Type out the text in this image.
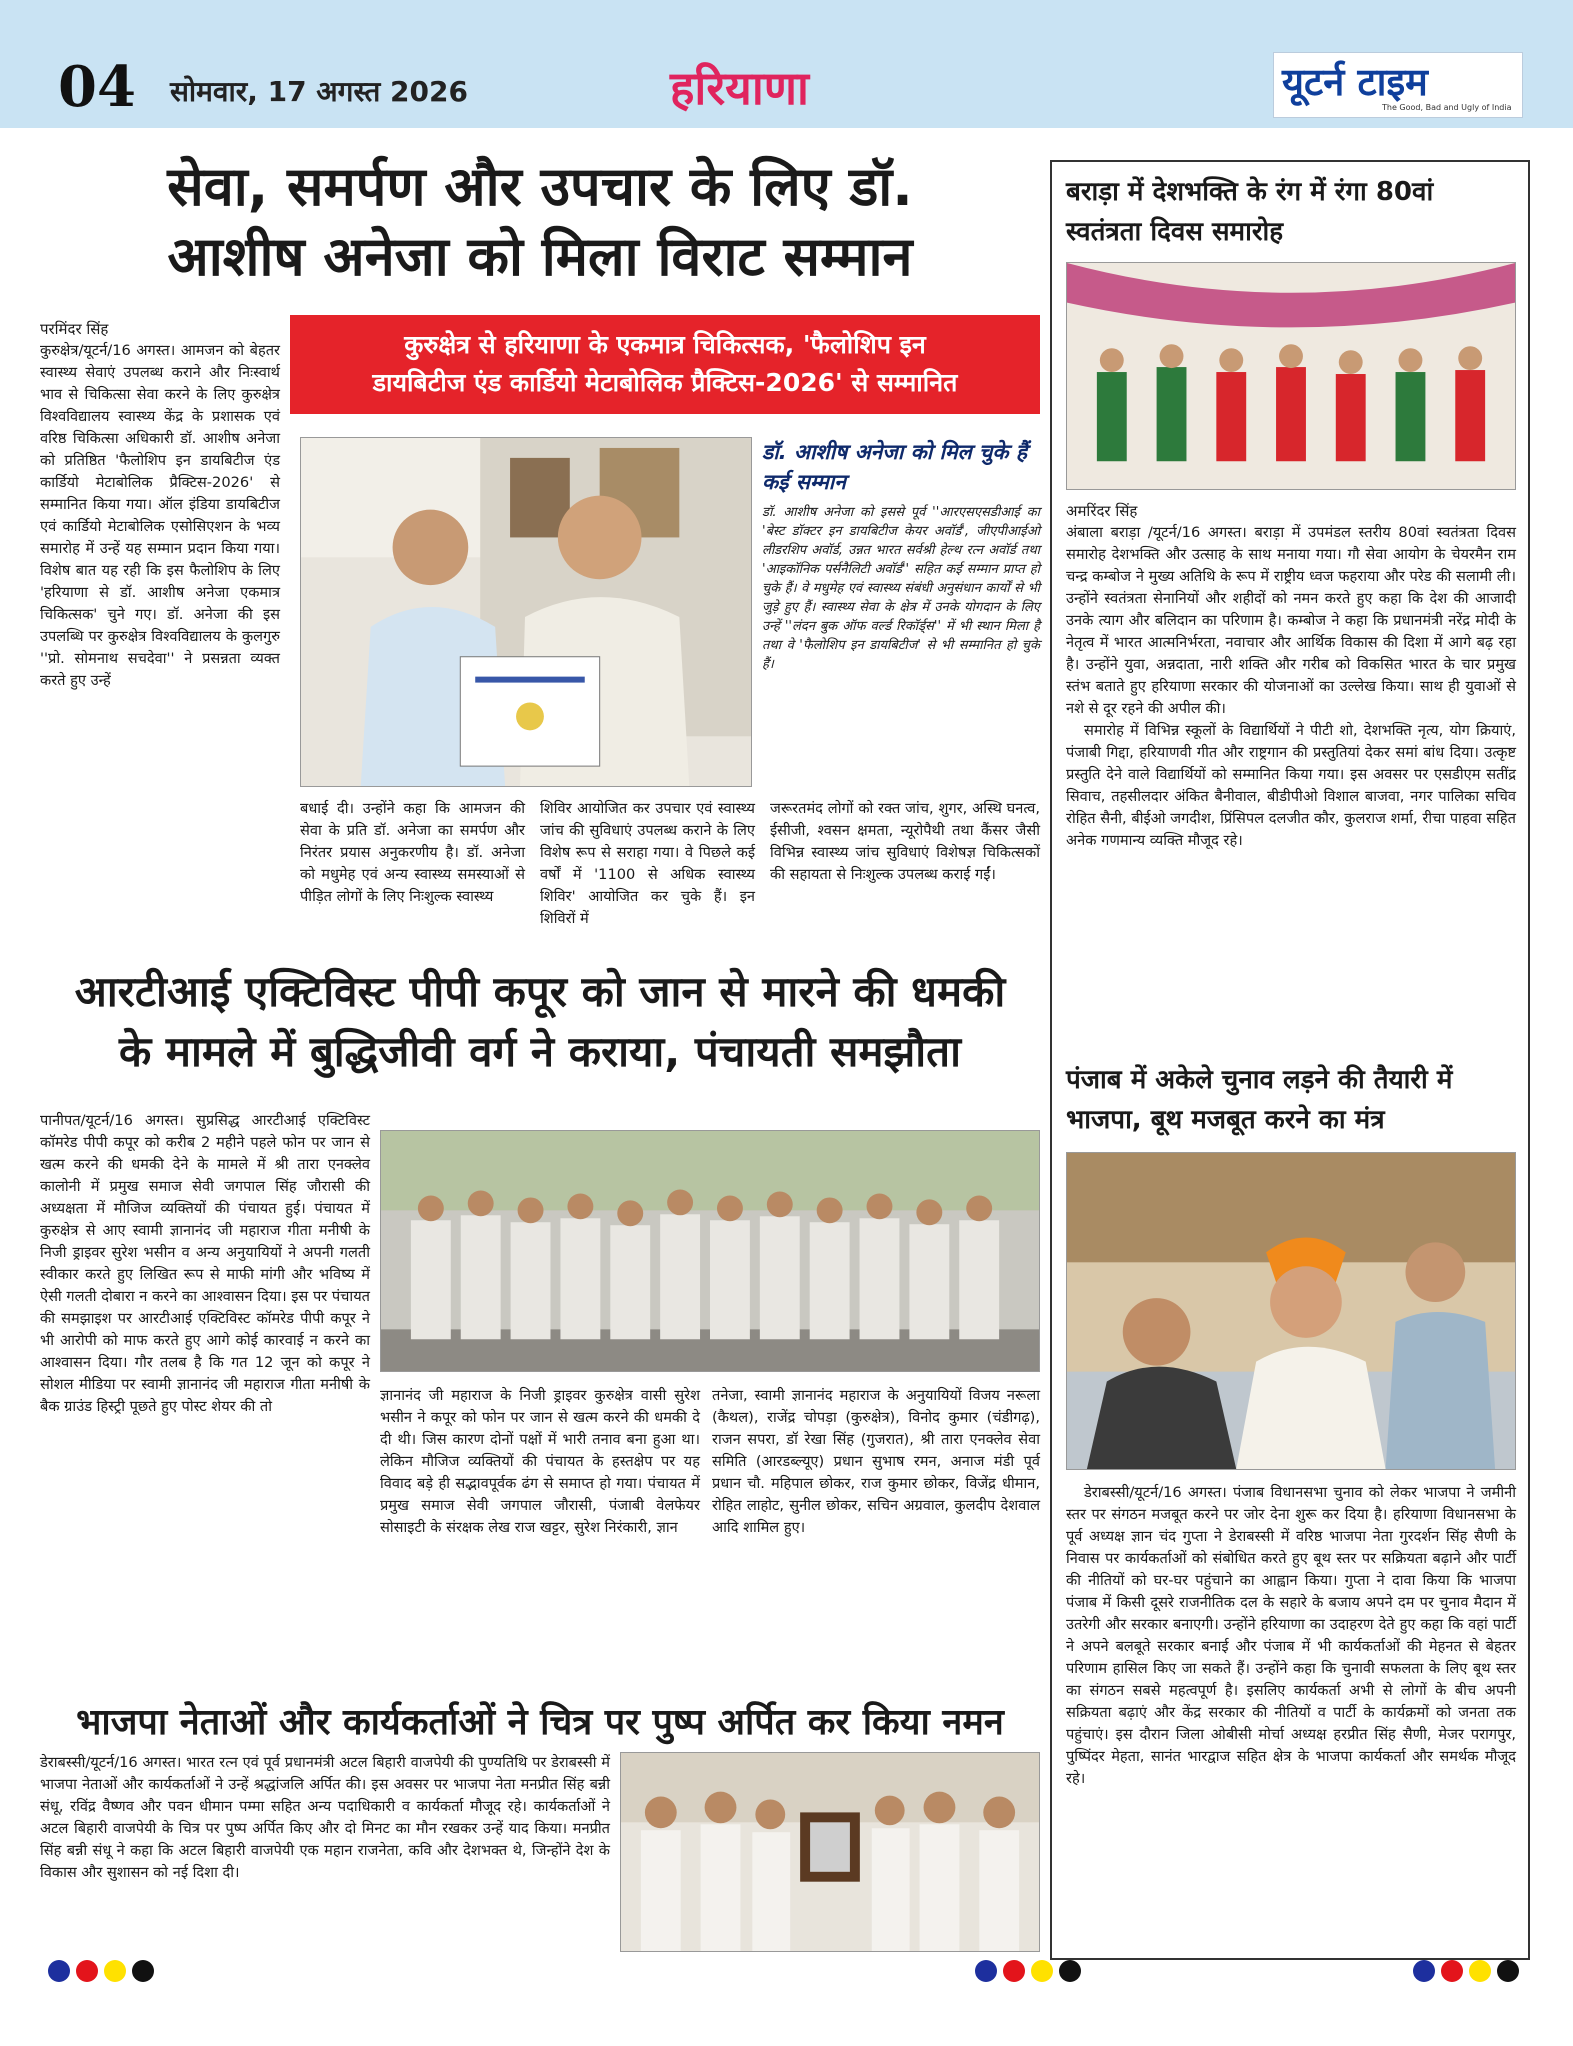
04 सोमवार, 17 अगस्त 2026	हरियाणा	यूटर्न टाइम
The Good, Bad and Ugly of India
सेवा, समर्पण और उपचार के लिए डॉ.
आशीष अनेजा को मिला विराट सम्मान
कुरुक्षेत्र से हरियाणा के एकमात्र चिकित्सक, 'फैलोशिप इन
डायबिटीज एंड कार्डियो मेटाबोलिक प्रैक्टिस-2026' से सम्मानित
परमिंदर सिंह
कुरुक्षेत्र/यूटर्न/16 अगस्त। आमजन को बेहतर स्वास्थ्य सेवाएं उपलब्ध कराने और निःस्वार्थ भाव से चिकित्सा सेवा करने के लिए कुरुक्षेत्र विश्वविद्यालय स्वास्थ्य केंद्र के प्रशासक एवं वरिष्ठ चिकित्सा अधिकारी डॉ. आशीष अनेजा को प्रतिष्ठित 'फैलोशिप इन डायबिटीज एंड कार्डियो मेटाबोलिक प्रैक्टिस-2026' से सम्मानित किया गया। ऑल इंडिया डायबिटीज एवं कार्डियो मेटाबोलिक एसोसिएशन के भव्य समारोह में उन्हें यह सम्मान प्रदान किया गया। विशेष बात यह रही कि इस फैलोशिप के लिए 'हरियाणा से डॉ. आशीष अनेजा एकमात्र चिकित्सक' चुने गए। डॉ. अनेजा की इस उपलब्धि पर कुरुक्षेत्र विश्वविद्यालय के कुलगुरु ''प्रो. सोमनाथ सचदेवा'' ने प्रसन्नता व्यक्त करते हुए उन्हें
डॉ. आशीष अनेजा को मिल चुके हैं कई सम्मान
डॉ. आशीष अनेजा को इससे पूर्व ''आरएसएसडीआई का 'बेस्ट डॉक्टर इन डायबिटीज केयर अवॉर्ड', जीएपीआईओ लीडरशिप अवॉर्ड, उन्नत भारत सर्वश्री हेल्थ रत्न अवॉर्ड तथा 'आइकॉनिक पर्सनैलिटी अवॉर्ड'' सहित कई सम्मान प्राप्त हो चुके हैं। वे मधुमेह एवं स्वास्थ्य संबंधी अनुसंधान कार्यों से भी जुड़े हुए हैं। स्वास्थ्य सेवा के क्षेत्र में उनके योगदान के लिए उन्हें ''लंदन बुक ऑफ वर्ल्ड रिकॉर्ड्स'' में भी स्थान मिला है तथा वे 'फैलोशिप इन डायबिटीज' से भी सम्मानित हो चुके हैं।
बधाई दी। उन्होंने कहा कि आमजन की सेवा के प्रति डॉ. अनेजा का समर्पण और निरंतर प्रयास अनुकरणीय है। डॉ. अनेजा को मधुमेह एवं अन्य स्वास्थ्य समस्याओं से पीड़ित लोगों के लिए निःशुल्क स्वास्थ्य
शिविर आयोजित कर उपचार एवं स्वास्थ्य जांच की सुविधाएं उपलब्ध कराने के लिए विशेष रूप से सराहा गया। वे पिछले कई वर्षों में '1100 से अधिक स्वास्थ्य शिविर' आयोजित कर चुके हैं। इन शिविरों में
जरूरतमंद लोगों को रक्त जांच, शुगर, अस्थि घनत्व, ईसीजी, श्वसन क्षमता, न्यूरोपैथी तथा कैंसर जैसी विभिन्न स्वास्थ्य जांच सुविधाएं विशेषज्ञ चिकित्सकों की सहायता से निःशुल्क उपलब्ध कराई गईं।
आरटीआई एक्टिविस्ट पीपी कपूर को जान से मारने की धमकी
के मामले में बुद्धिजीवी वर्ग ने कराया, पंचायती समझौता
पानीपत/यूटर्न/16 अगस्त। सुप्रसिद्ध आरटीआई एक्टिविस्ट कॉमरेड पीपी कपूर को करीब 2 महीने पहले फोन पर जान से खत्म करने की धमकी देने के मामले में श्री तारा एनक्लेव कालोनी में प्रमुख समाज सेवी जगपाल सिंह जौरासी की अध्यक्षता में मौजिज व्यक्तियों की पंचायत हुई। पंचायत में कुरुक्षेत्र से आए स्वामी ज्ञानानंद जी महाराज गीता मनीषी के निजी ड्राइवर सुरेश भसीन व अन्य अनुयायियों ने अपनी गलती स्वीकार करते हुए लिखित रूप से माफी मांगी और भविष्य में ऐसी गलती दोबारा न करने का आश्वासन दिया। इस पर पंचायत की समझाइश पर आरटीआई एक्टिविस्ट कॉमरेड पीपी कपूर ने भी आरोपी को माफ करते हुए आगे कोई कारवाई न करने का आश्वासन दिया। गौर तलब है कि गत 12 जून को कपूर ने सोशल मीडिया पर स्वामी ज्ञानानंद जी महाराज गीता मनीषी के बैक ग्राउंड हिस्ट्री पूछते हुए पोस्ट शेयर की तो
ज्ञानानंद जी महाराज के निजी ड्राइवर कुरुक्षेत्र वासी सुरेश भसीन ने कपूर को फोन पर जान से खत्म करने की धमकी दे दी थी। जिस कारण दोनों पक्षों में भारी तनाव बना हुआ था। लेकिन मौजिज व्यक्तियों की पंचायत के हस्तक्षेप पर यह विवाद बड़े ही सद्भावपूर्वक ढंग से समाप्त हो गया। पंचायत में प्रमुख समाज सेवी जगपाल जौरासी, पंजाबी वेलफेयर सोसाइटी के संरक्षक लेख राज खट्टर, सुरेश निरंकारी, ज्ञान
तनेजा, स्वामी ज्ञानानंद महाराज के अनुयायियों विजय नरूला (कैथल), राजेंद्र चोपड़ा (कुरुक्षेत्र), विनोद कुमार (चंडीगढ़), राजन सपरा, डॉ रेखा सिंह (गुजरात), श्री तारा एनक्लेव सेवा समिति (आरडब्ल्यूए) प्रधान सुभाष रमन, अनाज मंडी पूर्व प्रधान चौ. महिपाल छोकर, राज कुमार छोकर, विजेंद्र धीमान, रोहित लाहोट, सुनील छोकर, सचिन अग्रवाल, कुलदीप देशवाल आदि शामिल हुए।
भाजपा नेताओं और कार्यकर्ताओं ने चित्र पर पुष्प अर्पित कर किया नमन
डेराबस्सी/यूटर्न/16 अगस्त। भारत रत्न एवं पूर्व प्रधानमंत्री अटल बिहारी वाजपेयी की पुण्यतिथि पर डेराबस्सी में भाजपा नेताओं और कार्यकर्ताओं ने उन्हें श्रद्धांजलि अर्पित की। इस अवसर पर भाजपा नेता मनप्रीत सिंह बन्नी संधू, रविंद्र वैष्णव और पवन धीमान पम्मा सहित अन्य पदाधिकारी व कार्यकर्ता मौजूद रहे। कार्यकर्ताओं ने अटल बिहारी वाजपेयी के चित्र पर पुष्प अर्पित किए और दो मिनट का मौन रखकर उन्हें याद किया। मनप्रीत सिंह बन्नी संधू ने कहा कि अटल बिहारी वाजपेयी एक महान राजनेता, कवि और देशभक्त थे, जिन्होंने देश के विकास और सुशासन को नई दिशा दी।
बराड़ा में देशभक्ति के रंग में रंगा 80वां
स्वतंत्रता दिवस समारोह
अमरिंदर सिंह
अंबाला बराड़ा /यूटर्न/16 अगस्त। बराड़ा में उपमंडल स्तरीय 80वां स्वतंत्रता दिवस समारोह देशभक्ति और उत्साह के साथ मनाया गया। गौ सेवा आयोग के चेयरमैन राम चन्द्र कम्बोज ने मुख्य अतिथि के रूप में राष्ट्रीय ध्वज फहराया और परेड की सलामी ली। उन्होंने स्वतंत्रता सेनानियों और शहीदों को नमन करते हुए कहा कि देश की आजादी उनके त्याग और बलिदान का परिणाम है। कम्बोज ने कहा कि प्रधानमंत्री नरेंद्र मोदी के नेतृत्व में भारत आत्मनिर्भरता, नवाचार और आर्थिक विकास की दिशा में आगे बढ़ रहा है। उन्होंने युवा, अन्नदाता, नारी शक्ति और गरीब को विकसित भारत के चार प्रमुख स्तंभ बताते हुए हरियाणा सरकार की योजनाओं का उल्लेख किया। साथ ही युवाओं से नशे से दूर रहने की अपील की।
समारोह में विभिन्न स्कूलों के विद्यार्थियों ने पीटी शो, देशभक्ति नृत्य, योग क्रियाएं, पंजाबी गिद्दा, हरियाणवी गीत और राष्ट्रगान की प्रस्तुतियां देकर समां बांध दिया। उत्कृष्ट प्रस्तुति देने वाले विद्यार्थियों को सम्मानित किया गया। इस अवसर पर एसडीएम सतींद्र सिवाच, तहसीलदार अंकित बैनीवाल, बीडीपीओ विशाल बाजवा, नगर पालिका सचिव रोहित सैनी, बीईओ जगदीश, प्रिंसिपल दलजीत कौर, कुलराज शर्मा, रीचा पाहवा सहित अनेक गणमान्य व्यक्ति मौजूद रहे।
पंजाब में अकेले चुनाव लड़ने की तैयारी में
भाजपा, बूथ मजबूत करने का मंत्र
डेराबस्सी/यूटर्न/16 अगस्त। पंजाब विधानसभा चुनाव को लेकर भाजपा ने जमीनी स्तर पर संगठन मजबूत करने पर जोर देना शुरू कर दिया है। हरियाणा विधानसभा के पूर्व अध्यक्ष ज्ञान चंद गुप्ता ने डेराबस्सी में वरिष्ठ भाजपा नेता गुरदर्शन सिंह सैणी के निवास पर कार्यकर्ताओं को संबोधित करते हुए बूथ स्तर पर सक्रियता बढ़ाने और पार्टी की नीतियों को घर-घर पहुंचाने का आह्वान किया। गुप्ता ने दावा किया कि भाजपा पंजाब में किसी दूसरे राजनीतिक दल के सहारे के बजाय अपने दम पर चुनाव मैदान में उतरेगी और सरकार बनाएगी। उन्होंने हरियाणा का उदाहरण देते हुए कहा कि वहां पार्टी ने अपने बलबूते सरकार बनाई और पंजाब में भी कार्यकर्ताओं की मेहनत से बेहतर परिणाम हासिल किए जा सकते हैं। उन्होंने कहा कि चुनावी सफलता के लिए बूथ स्तर का संगठन सबसे महत्वपूर्ण है। इसलिए कार्यकर्ता अभी से लोगों के बीच अपनी सक्रियता बढ़ाएं और केंद्र सरकार की नीतियों व पार्टी के कार्यक्रमों को जनता तक पहुंचाएं। इस दौरान जिला ओबीसी मोर्चा अध्यक्ष हरप्रीत सिंह सैणी, मेजर परागपुर, पुष्पिंदर मेहता, सानंत भारद्वाज सहित क्षेत्र के भाजपा कार्यकर्ता और समर्थक मौजूद रहे।
